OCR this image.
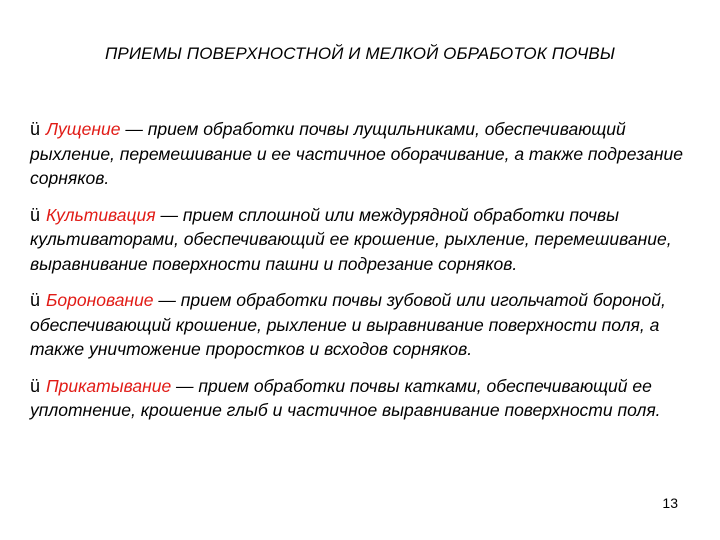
ПРИЕМЫ ПОВЕРХНОСТНОЙ И МЕЛКОЙ ОБРАБОТОК ПОЧВЫ
ü Лущение — прием обработки почвы лущильниками, обеспечивающий рыхление, перемешивание и ее частичное оборачивание, а также подрезание сорняков.
ü Культивация — прием сплошной или междурядной обработки почвы культиваторами, обеспечивающий ее крошение, рыхление, перемешивание, выравнивание поверхности пашни и подрезание сорняков.
ü Боронование — прием обработки почвы зубовой или игольчатой бороной, обеспечивающий крошение, рыхление и выравнивание поверхности поля, а также уничтожение проростков и всходов сорняков.
ü Прикатывание — прием обработки почвы катками, обеспечивающий ее уплотнение, крошение глыб и частичное выравнивание поверхности поля.
13
